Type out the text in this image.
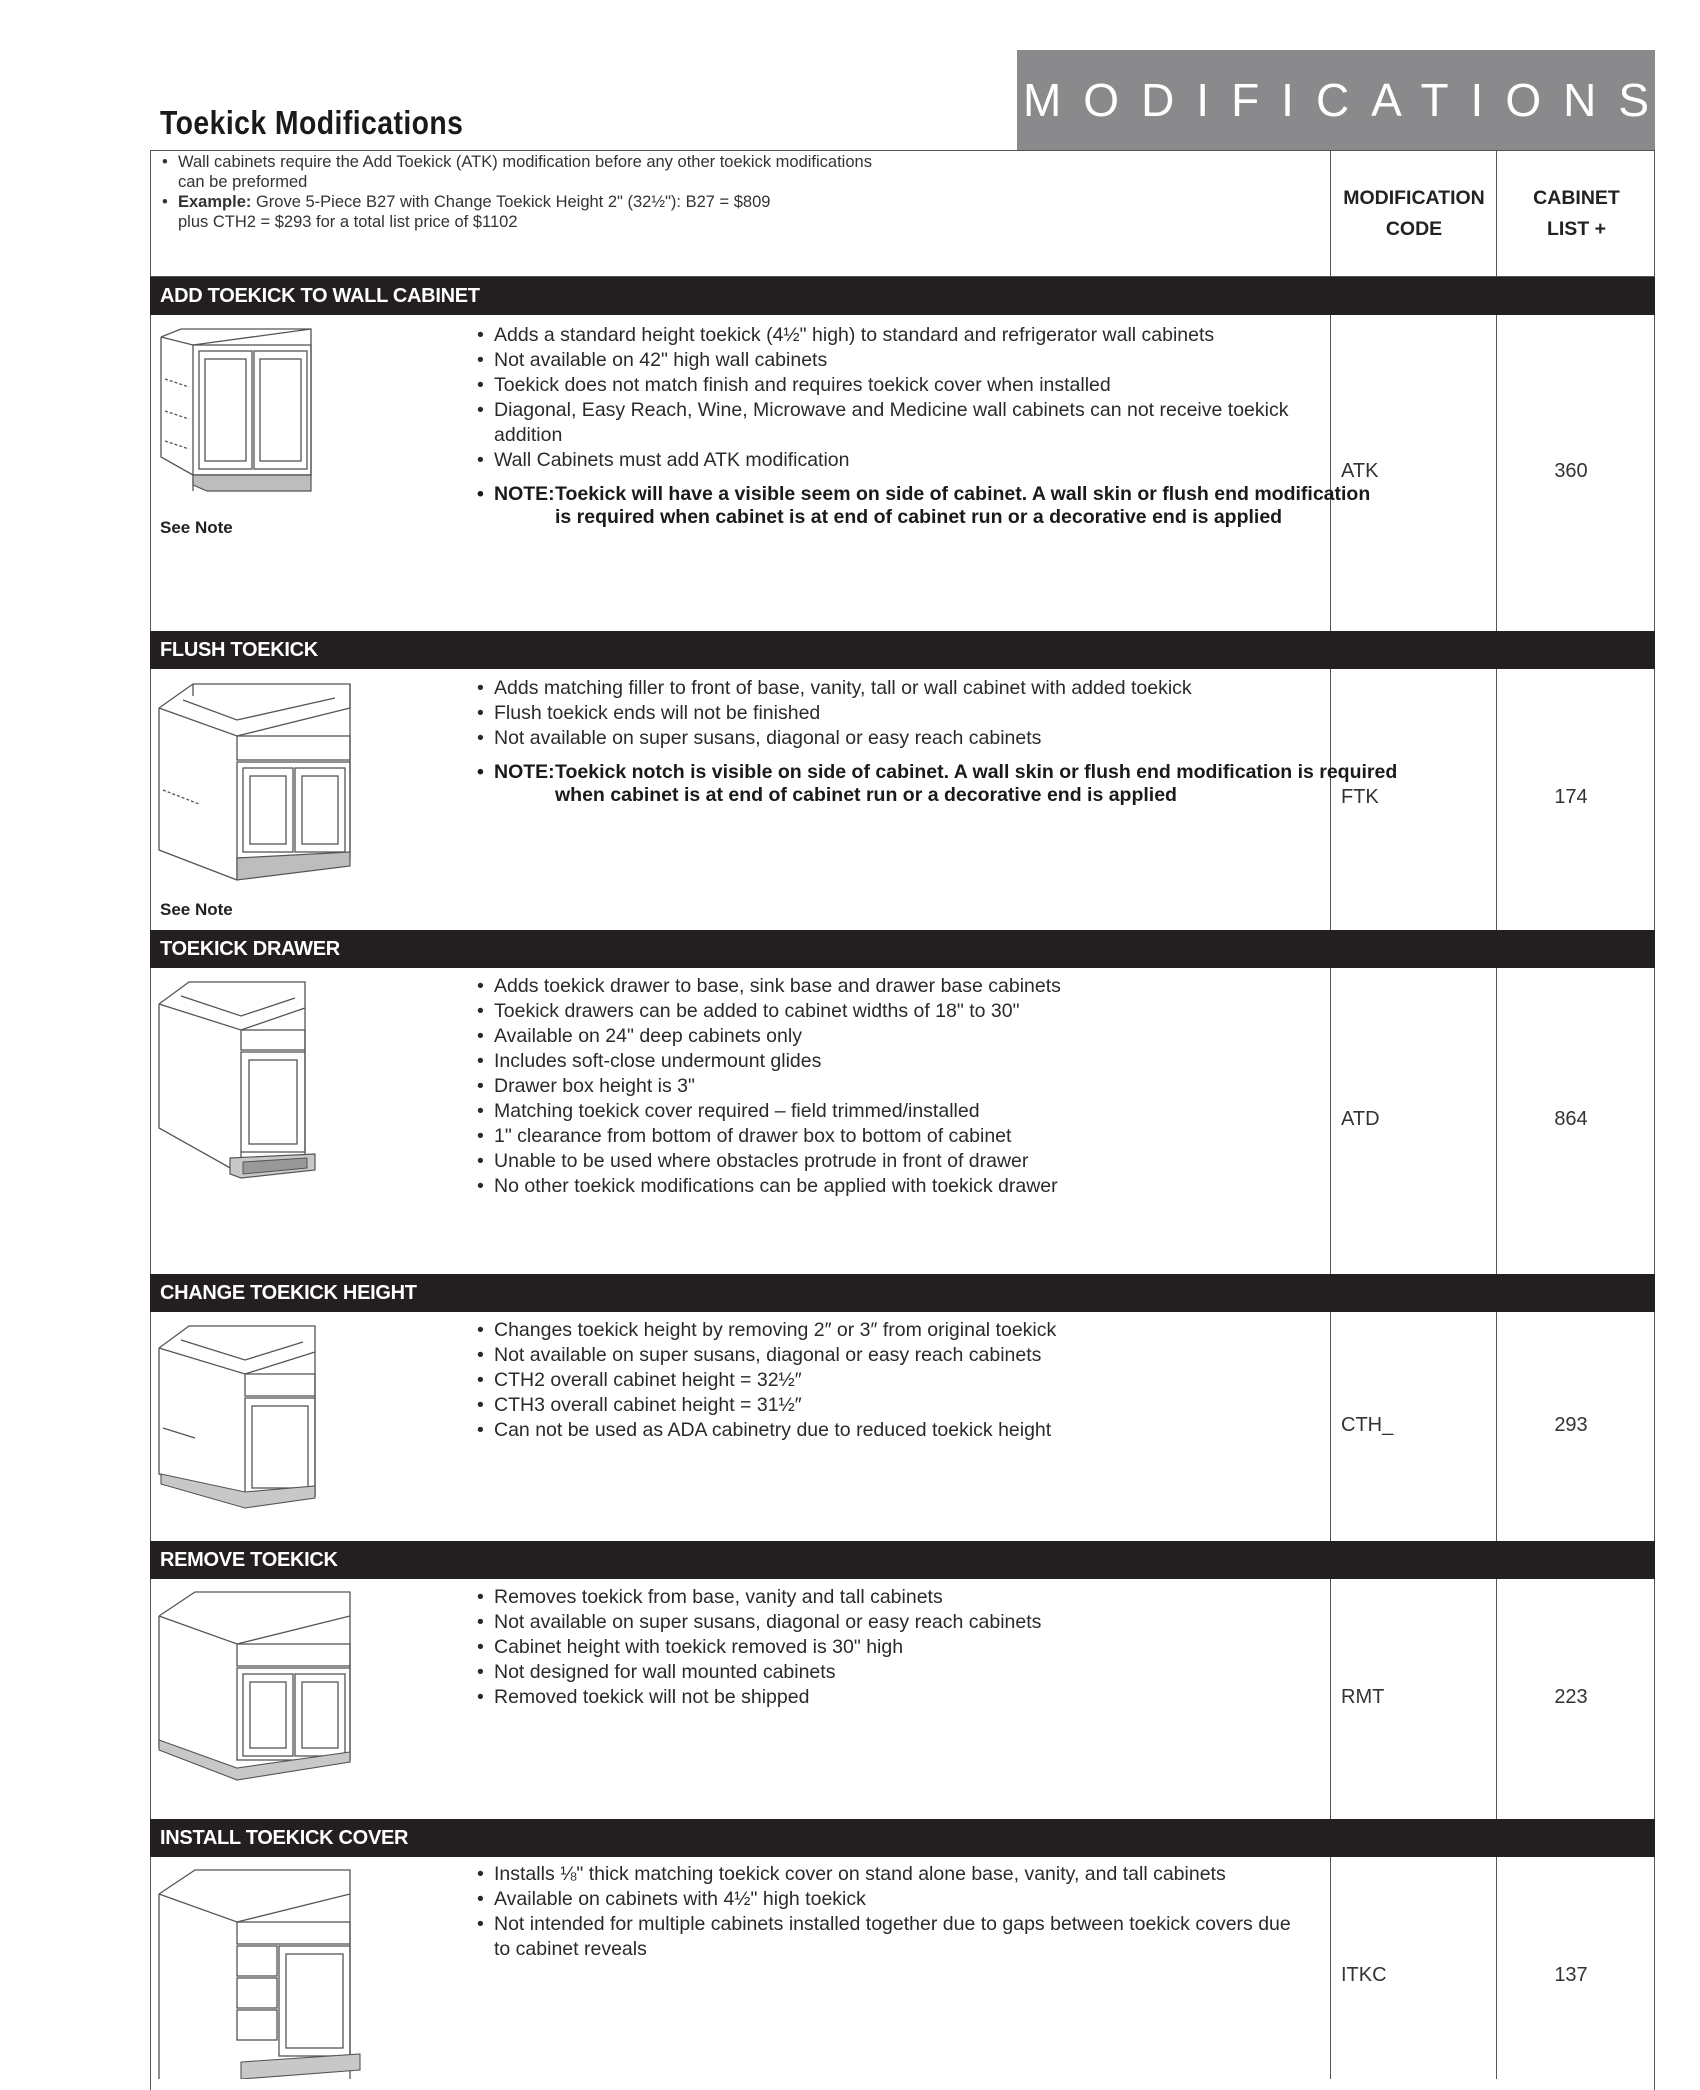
MODIFICATIONS
Toekick Modifications
• Wall cabinets require the Add Toekick (ATK) modification before any other toekick modifications can be preformed
• Example: Grove 5-Piece B27 with Change Toekick Height 2" (32½"): B27 = $809 plus CTH2 = $293 for a total list price of $1102
MODIFICATION
CODE
CABINET
LIST +
ADD TOEKICK TO WALL CABINET
See Note
• Adds a standard height toekick (4½" high) to standard and refrigerator wall cabinets
• Not available on 42" high wall cabinets
• Toekick does not match finish and requires toekick cover when installed
• Diagonal, Easy Reach, Wine, Microwave and Medicine wall cabinets can not receive toekick addition
• Wall Cabinets must add ATK modification
• NOTE: Toekick will have a visible seem on side of cabinet. A wall skin or flush end modification is required when cabinet is at end of cabinet run or a decorative end is applied
ATK	360
FLUSH TOEKICK
See Note
• Adds matching filler to front of base, vanity, tall or wall cabinet with added toekick
• Flush toekick ends will not be finished
• Not available on super susans, diagonal or easy reach cabinets
• NOTE: Toekick notch is visible on side of cabinet. A wall skin or flush end modification is required when cabinet is at end of cabinet run or a decorative end is applied	FTK	174
TOEKICK DRAWER
• Adds toekick drawer to base, sink base and drawer base cabinets
• Toekick drawers can be added to cabinet widths of 18" to 30"
• Available on 24" deep cabinets only
• Includes soft-close undermount glides
• Drawer box height is 3"
• Matching toekick cover required – field trimmed/installed
• 1" clearance from bottom of drawer box to bottom of cabinet
• Unable to be used where obstacles protrude in front of drawer
• No other toekick modifications can be applied with toekick drawer
ATD	864
CHANGE TOEKICK HEIGHT
• Changes toekick height by removing 2″ or 3″ from original toekick
• Not available on super susans, diagonal or easy reach cabinets
• CTH2 overall cabinet height = 32½″
• CTH3 overall cabinet height = 31½″
• Can not be used as ADA cabinetry due to reduced toekick height	CTH_	293
REMOVE TOEKICK
• Removes toekick from base, vanity and tall cabinets
• Not available on super susans, diagonal or easy reach cabinets
• Cabinet height with toekick removed is 30" high
• Not designed for wall mounted cabinets
• Removed toekick will not be shipped	RMT	223
INSTALL TOEKICK COVER
• Installs ⅛" thick matching toekick cover on stand alone base, vanity, and tall cabinets
• Available on cabinets with 4½" high toekick
• Not intended for multiple cabinets installed together due to gaps between toekick covers due to cabinet reveals
ITKC	137
